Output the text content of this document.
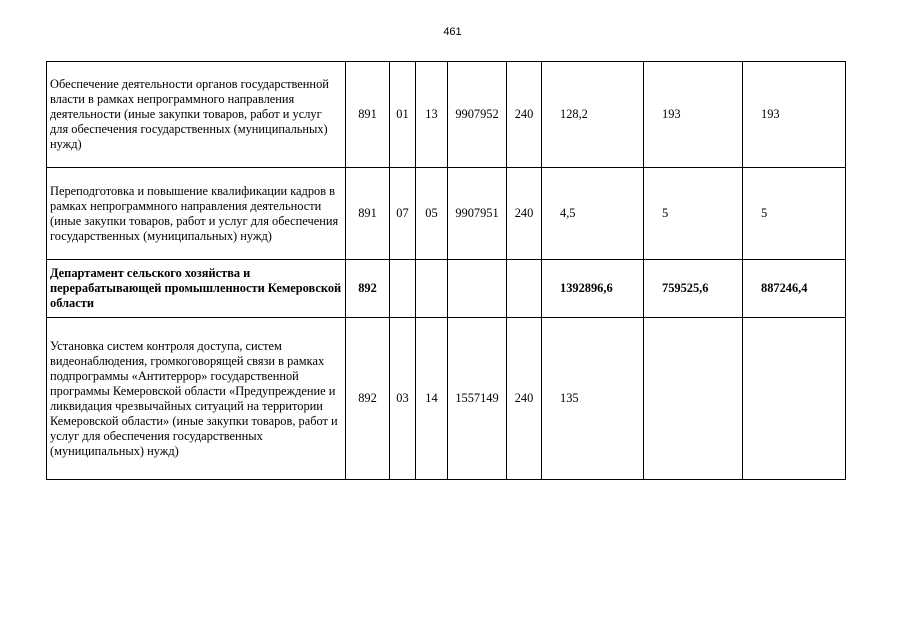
461
Обеспечение деятельности органов государственной власти в рамках непрограммного направления деятельности (иные закупки товаров, работ и услуг для обеспечения государственных (муниципальных) нужд)	891	01	13	9907952	240	128,2	193	193
Переподготовка и повышение квалификации кадров в рамках непрограммного направления деятельности (иные закупки товаров, работ и услуг для обеспечения государственных (муниципальных) нужд)	891	07	05	9907951	240	4,5	5	5
Департамент сельского хозяйства и перерабатывающей промышленности Кемеровской области	892					1392896,6	759525,6	887246,4
Установка систем контроля доступа, систем видеонаблюдения, громкоговорящей связи в рамках подпрограммы «Антитеррор» государственной программы Кемеровской области «Предупреждение и ликвидация чрезвычайных ситуаций на территории Кемеровской области» (иные закупки товаров, работ и услуг для обеспечения государственных (муниципальных) нужд)	892	03	14	1557149	240	135		
